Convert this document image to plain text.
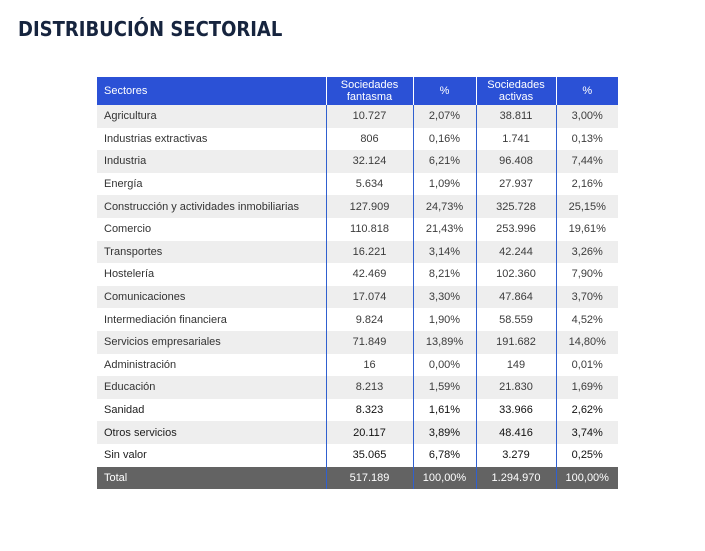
DISTRIBUCIÓN SECTORIAL
Sectores	Sociedades fantasma	%	Sociedades activas	%
Agricultura	10.727	2,07%	38.811	3,00%
Industrias extractivas	806	0,16%	1.741	0,13%
Industria	32.124	6,21%	96.408	7,44%
Energía	5.634	1,09%	27.937	2,16%
Construcción y actividades inmobiliarias	127.909	24,73%	325.728	25,15%
Comercio	110.818	21,43%	253.996	19,61%
Transportes	16.221	3,14%	42.244	3,26%
Hostelería	42.469	8,21%	102.360	7,90%
Comunicaciones	17.074	3,30%	47.864	3,70%
Intermediación financiera	9.824	1,90%	58.559	4,52%
Servicios empresariales	71.849	13,89%	191.682	14,80%
Administración	16	0,00%	149	0,01%
Educación	8.213	1,59%	21.830	1,69%
Sanidad	8.323	1,61%	33.966	2,62%
Otros servicios	20.117	3,89%	48.416	3,74%
Sin valor	35.065	6,78%	3.279	0,25%
Total	517.189	100,00%	1.294.970	100,00%
